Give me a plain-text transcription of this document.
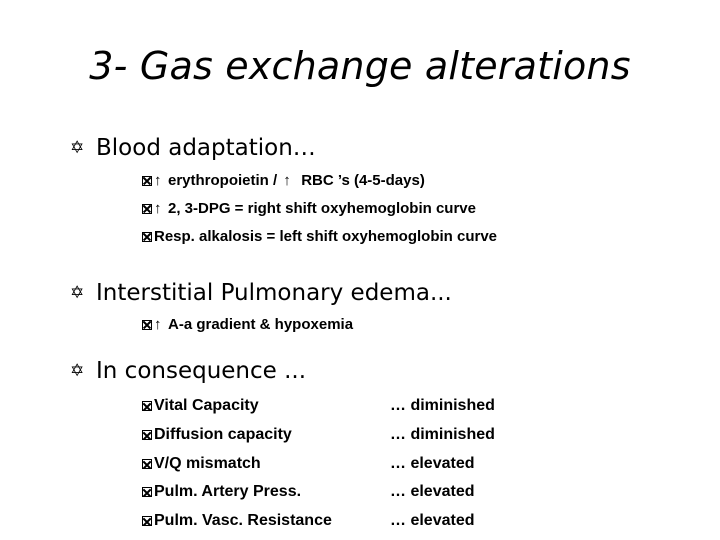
3- Gas exchange alterations
✡ Blood adaptation…
↑ erythropoietin / ↑ RBC ’s (4-5-days)
↑ 2, 3-DPG = right shift oxyhemoglobin curve
Resp. alkalosis = left shift oxyhemoglobin curve
✡ Interstitial Pulmonary edema...
↑ A-a gradient & hypoxemia
✡ In consequence ...
Vital Capacity	… diminished
Diffusion capacity	… diminished
V/Q mismatch	… elevated
Pulm. Artery Press.	… elevated
Pulm. Vasc. Resistance	… elevated
